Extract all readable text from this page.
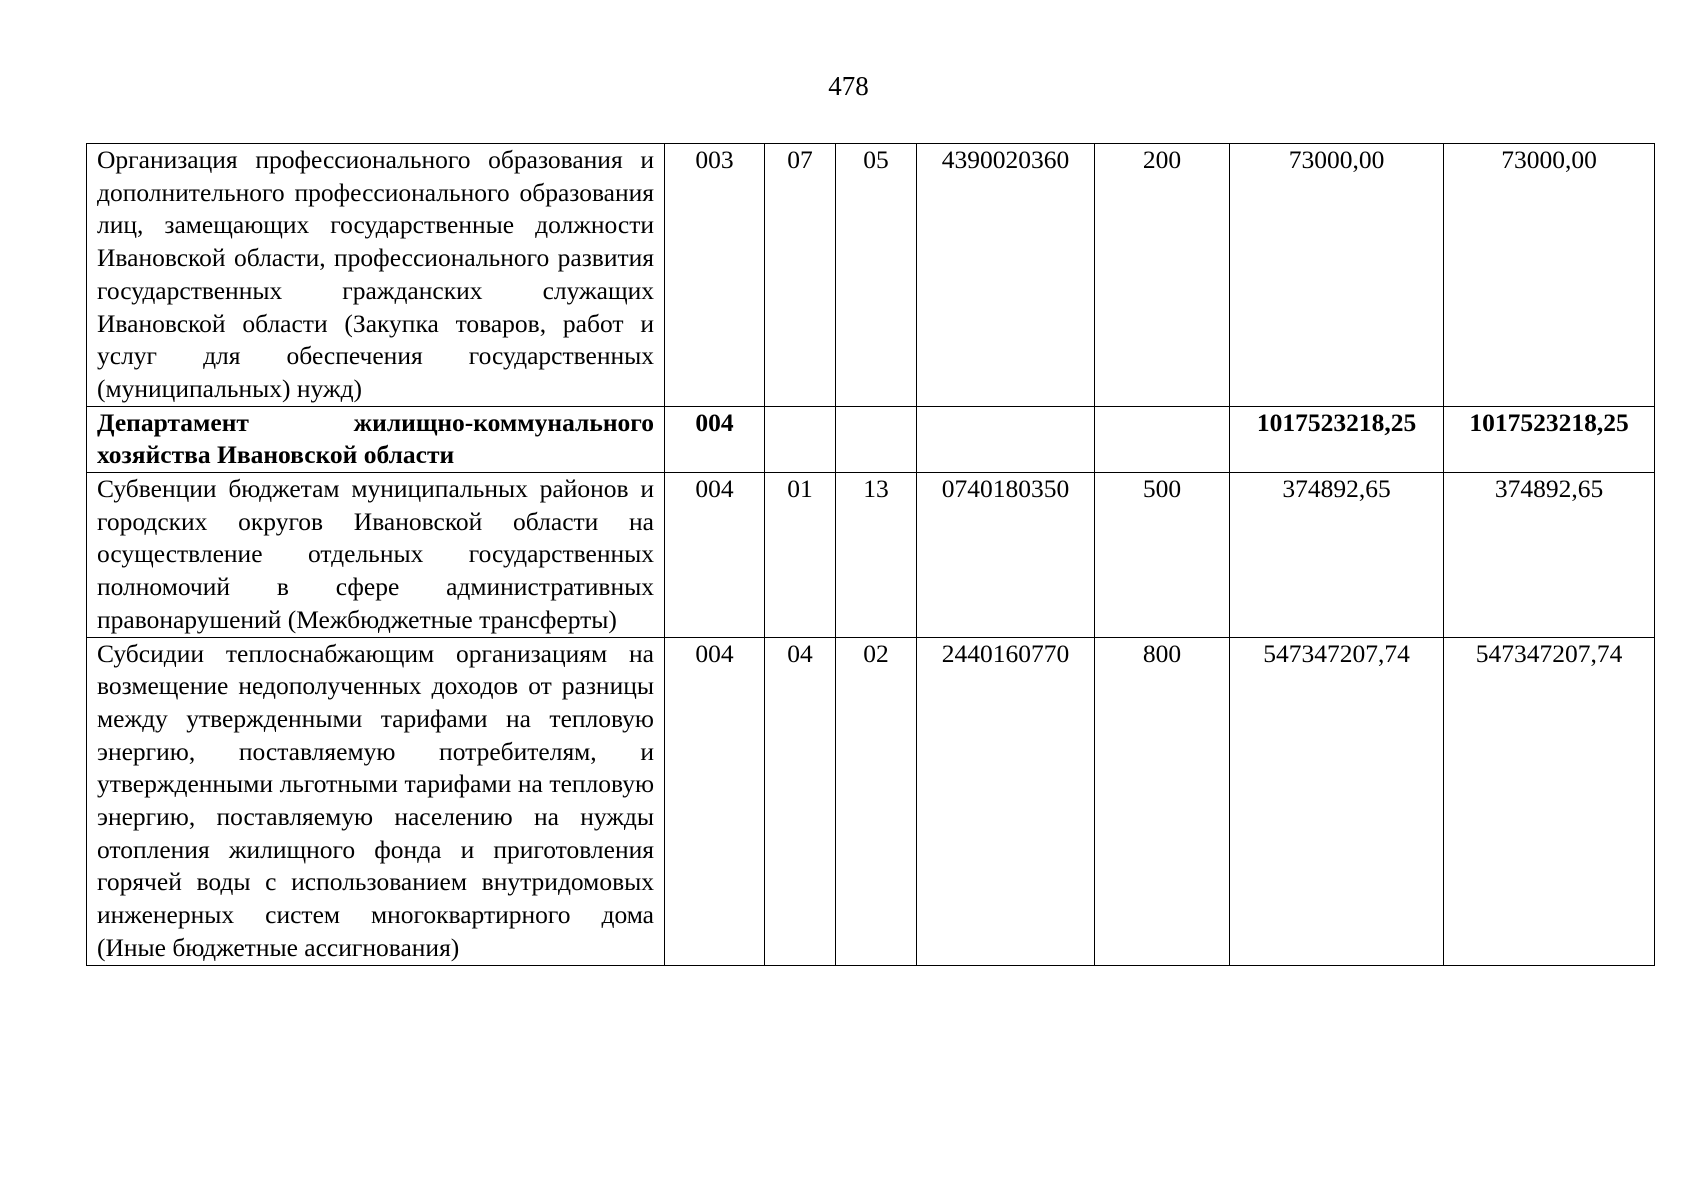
478
Организация профессионального образования и дополнительного профессионального образования лиц, замещающих государственные должности Ивановской области, профессионального развития государственных гражданских служащих Ивановской области (Закупка товаров, работ и услуг для обеспечения государственных (муниципальных) нужд)	003	07	05	4390020360	200	73000,00	73000,00
Департамент жилищно-коммунального хозяйства Ивановской области	004					1017523218,25	1017523218,25
Субвенции бюджетам муниципальных районов и городских округов Ивановской области на осуществление отдельных государственных полномочий в сфере административных правонарушений (Межбюджетные трансферты)	004	01	13	0740180350	500	374892,65	374892,65
Субсидии теплоснабжающим организациям на возмещение недополученных доходов от разницы между утвержденными тарифами на тепловую энергию, поставляемую потребителям, и утвержденными льготными тарифами на тепловую энергию, поставляемую населению на нужды отопления жилищного фонда и приготовления горячей воды с использованием внутридомовых инженерных систем многоквартирного дома (Иные бюджетные ассигнования)	004	04	02	2440160770	800	547347207,74	547347207,74
